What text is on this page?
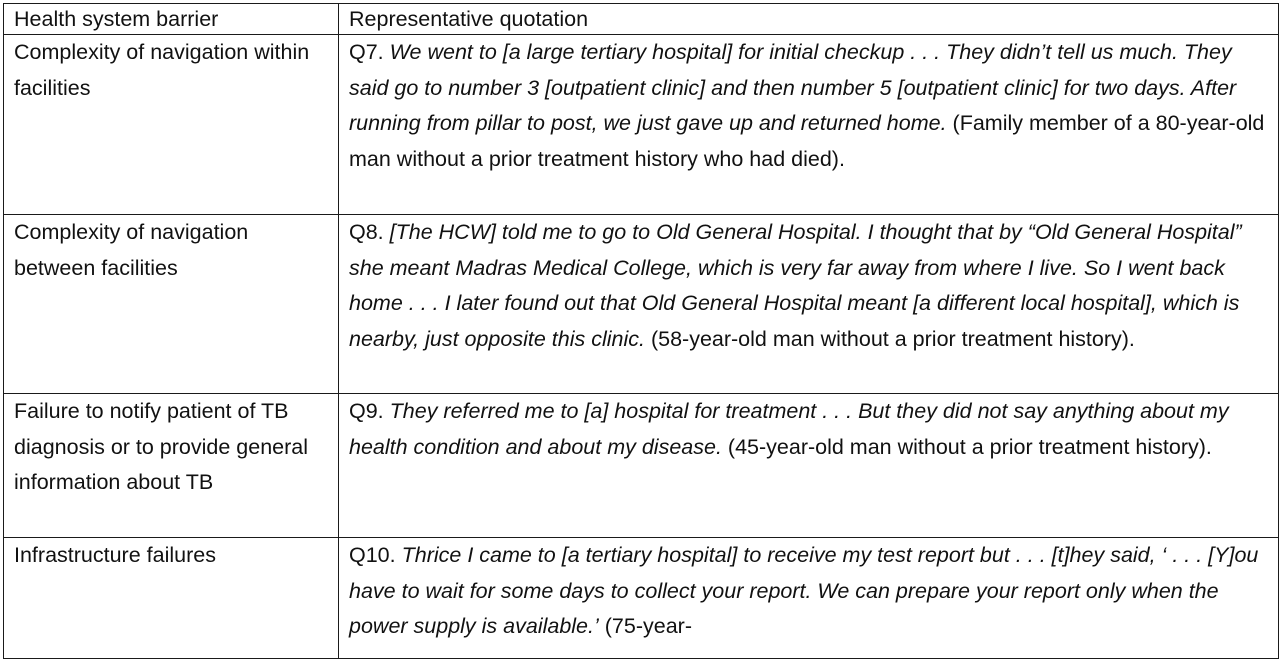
Health system barrier	Representative quotation
Complexity of navigation within facilities	Q7. We went to [a large tertiary hospital] for initial checkup . . . They didn’t tell us much. They said go to number 3 [outpatient clinic] and then number 5 [outpatient clinic] for two days. After running from pillar to post, we just gave up and returned home. (Family member of a 80-year-old man without a prior treatment history who had died).
Complexity of navigation between facilities	Q8. [The HCW] told me to go to Old General Hospital. I thought that by “Old General Hospital” she meant Madras Medical College, which is very far away from where I live. So I went back home . . . I later found out that Old General Hospital meant [a different local hospital], which is nearby, just opposite this clinic. (58-year-old man without a prior treatment history).
Failure to notify patient of TB diagnosis or to provide general information about TB	Q9. They referred me to [a] hospital for treatment . . . But they did not say anything about my health condition and about my disease. (45-year-old man without a prior treatment history).
Infrastructure failures	Q10. Thrice I came to [a tertiary hospital] to receive my test report but . . . [t]hey said, ‘ . . . [Y]ou have to wait for some days to collect your report. We can prepare your report only when the power supply is available.’ (75-year-
